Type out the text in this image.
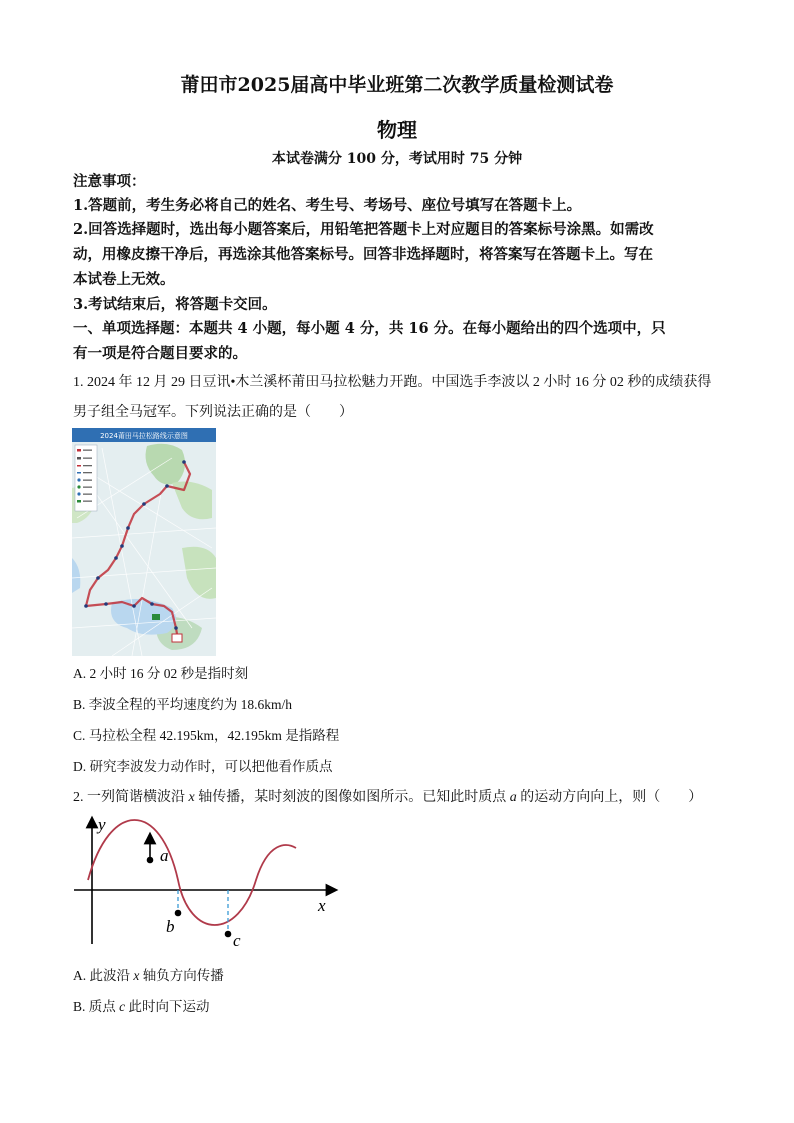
莆田市2025届高中毕业班第二次教学质量检测试卷
物理
本试卷满分 100 分，考试用时 75 分钟
注意事项：
1.答题前，考生务必将自己的姓名、考生号、考场号、座位号填写在答题卡上。
2.回答选择题时，选出每小题答案后，用铅笔把答题卡上对应题目的答案标号涂黑。如需改
动，用橡皮擦干净后，再选涂其他答案标号。回答非选择题时，将答案写在答题卡上。写在
本试卷上无效。
3.考试结束后，将答题卡交回。
一、单项选择题：本题共 4 小题，每小题 4 分，共 16 分。在每小题给出的四个选项中，只
有一项是符合题目要求的。
1. 2024 年 12 月 29 日豆讯•木兰溪杯莆田马拉松魅力开跑。中国选手李波以 2 小时 16 分 02 秒的成绩获得
男子组全马冠军。下列说法正确的是（　　）
2024莆田马拉松路线示意图
A. 2 小时 16 分 02 秒是指时刻
B. 李波全程的平均速度约为 18.6km/h
C. 马拉松全程 42.195km，42.195km 是指路程
D. 研究李波发力动作时，可以把他看作质点
2. 一列简谐横波沿 x 轴传播，某时刻波的图像如图所示。已知此时质点 a 的运动方向向上，则（　　）
y
x
a
b
c
A. 此波沿 x 轴负方向传播
B. 质点 c 此时向下运动
